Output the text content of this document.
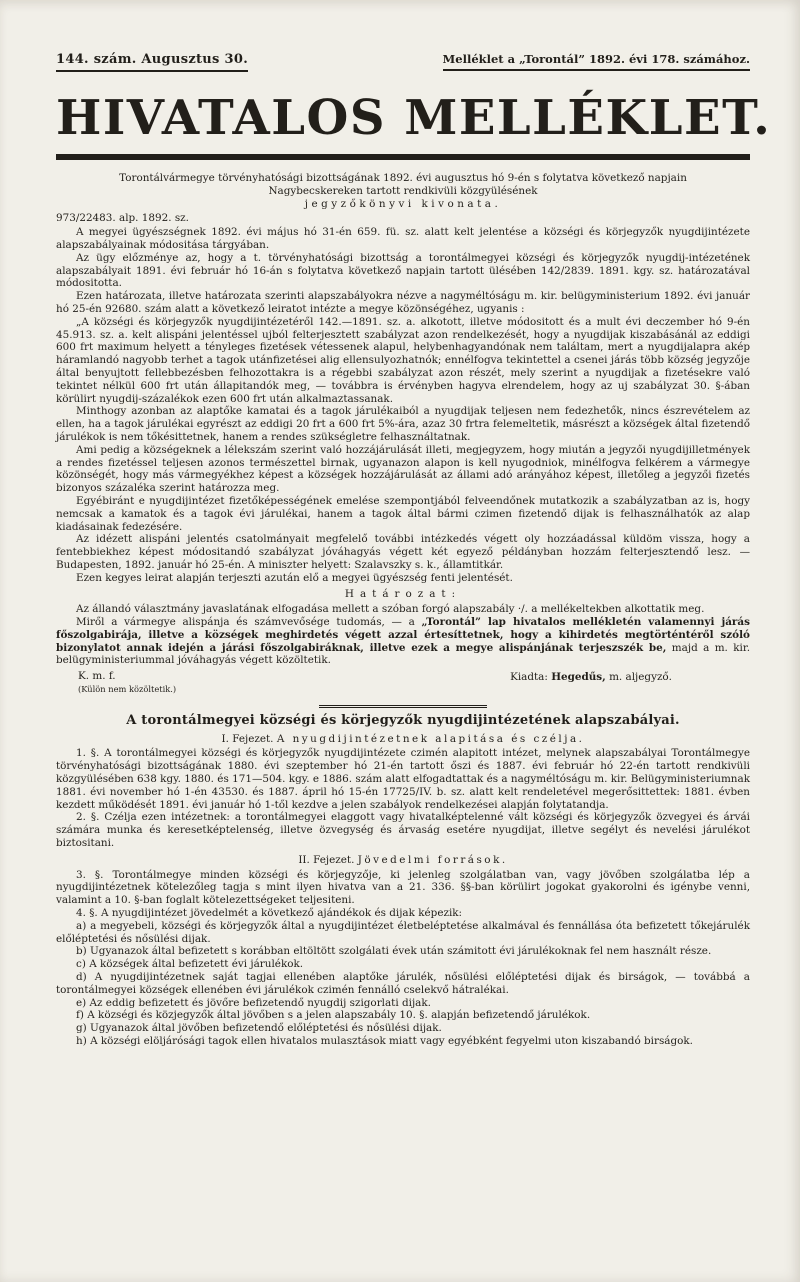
144. szám. Augusztus 30.	Melléklet a „Torontál” 1892. évi 178. számához.
HIVATALOS MELLÉKLET.

Torontálvármegye törvényhatósági bizottságának 1892. évi augusztus hó 9-én s folytatva következő napjain Nagybecskereken tartott rendkivüli közgyülésének

jegyzőkönyvi kivonata.

973/22483. alp. 1892. sz.

A megyei ügyészségnek 1892. évi május hó 31-én 659. fü. sz. alatt kelt jelentése a községi és körjegyzők nyugdijintézete alapszabályainak módositása tárgyában.

Az ügy előzménye az, hogy a t. törvényhatósági bizottság a torontálmegyei községi és körjegyzők nyugdij-intézetének alapszabályait 1891. évi február hó 16-án s folytatva következő napjain tartott ülésében 142/2839. 1891. kgy. sz. határozatával módositotta.

Ezen határozata, illetve határozata szerinti alapszabályokra nézve a nagyméltóságu m. kir. belügyministerium 1892. évi január hó 25-én 92680. szám alatt a következő leiratot intézte a megye közönségéhez, ugyanis :

„A községi és körjegyzők nyugdijintézetéről 142.—1891. sz. a. alkotott, illetve módositott és a mult évi deczember hó 9-én 45.913. sz. a. kelt alispáni jelentéssel ujból felterjesztett szabályzat azon rendelkezését, hogy a nyugdijak kiszabásánál az eddigi 600 frt maximum helyett a tényleges fizetések vétessenek alapul, helybenhagyandónak nem találtam, mert a nyugdijalapra akép háramlandó nagyobb terhet a tagok utánfizetései alig ellensulyozhatnók; ennélfogva tekintettel a csenei járás több község jegyzője által benyujtott fellebbezésben felhozottakra is a régebbi szabályzat azon részét, mely szerint a nyugdijak a fizetésekre való tekintet nélkül 600 frt után állapitandók meg, — továbbra is érvényben hagyva elrendelem, hogy az uj szabályzat 30. §-ában körülirt nyugdij-százalékok ezen 600 frt után alkalmaztassanak.

Minthogy azonban az alaptőke kamatai és a tagok járulékaiból a nyugdijak teljesen nem fedezhetők, nincs észrevételem az ellen, ha a tagok járulékai egyrészt az eddigi 20 frt a 600 frt 5%-ára, azaz 30 frtra felemeltetik, másrészt a községek által fizetendő járulékok is nem tőkésittetnek, hanem a rendes szükségletre felhasználtatnak.

Ami pedig a községeknek a lélekszám szerint való hozzájárulását illeti, megjegyzem, hogy miután a jegyzői nyugdijilletmények a rendes fizetéssel teljesen azonos természettel birnak, ugyanazon alapon is kell nyugodniok, minélfogva felkérem a vármegye közönségét, hogy más vármegyékhez képest a községek hozzájárulását az állami adó arányához képest, illetőleg a jegyzői fizetés bizonyos százaléka szerint határozza meg.

Egyébiránt e nyugdijintézet fizetőképességének emelése szempontjából felveendőnek mutatkozik a szabályzatban az is, hogy nemcsak a kamatok és a tagok évi járulékai, hanem a tagok által bármi czimen fizetendő dijak is felhasználhatók az alap kiadásainak fedezésére.

Az idézett alispáni jelentés csatolmányait megfelelő további intézkedés végett oly hozzáadással küldöm vissza, hogy a fentebbiekhez képest módositandó szabályzat jóváhagyás végett két egyező példányban hozzám felterjesztendő lesz. — Budapesten, 1892. január hó 25-én. A miniszter helyett: Szalavszky s. k., államtitkár.

Ezen kegyes leirat alapján terjeszti azután elő a megyei ügyészség fenti jelentését.

Határozat:

Az állandó választmány javaslatának elfogadása mellett a szóban forgó alapszabály ·/. a mellékeltekben alkottatik meg.

Miről a vármegye alispánja és számvevősége tudomás, — a „Torontál” lap hivatalos mellékletén valamennyi járás főszolgabirája, illetve a községek meghirdetés végett azzal értesíttetnek, hogy a kihirdetés megtörténtéről szóló bizonylatot annak idején a járási főszolgabiráknak, illetve ezek a megye alispánjának terjeszszék be, majd a m. kir. belügyministeriummal jóváhagyás végett közöltetik.

K. m. f.
(Külön nem közöltetik.)
Kiadta: Hegedűs, m. aljegyző.
A torontálmegyei községi és körjegyzők nyugdijintézetének alapszabályai.

I. Fejezet. A nyugdijintézetnek alapitása és czélja.

1. §. A torontálmegyei községi és körjegyzők nyugdijintézete czimén alapitott intézet, melynek alapszabályai Torontálmegye törvényhatósági bizottságának 1880. évi szeptember hó 21-én tartott őszi és 1887. évi február hó 22-én tartott rendkivüli közgyülésében 638 kgy. 1880. és 171—504. kgy. e 1886. szám alatt elfogadtattak és a nagyméltóságu m. kir. Belügyministeriumnak 1881. évi november hó 1-én 43530. és 1887. ápril hó 15-én 17725/IV. b. sz. alatt kelt rendeletével megerősittettek: 1881. évben kezdett működését 1891. évi január hó 1-től kezdve a jelen szabályok rendelkezései alapján folytatandja.

2. §. Czélja ezen intézetnek: a torontálmegyei elaggott vagy hivatalképtelenné vált községi és körjegyzők özvegyei és árvái számára munka és keresetképtelenség, illetve özvegység és árvaság esetére nyugdijat, illetve segélyt és nevelési járulékot biztositani.

II. Fejezet. Jövedelmi források.

3. §. Torontálmegye minden községi és körjegyzője, ki jelenleg szolgálatban van, vagy jövőben szolgálatba lép a nyugdijintézetnek kötelezőleg tagja s mint ilyen hivatva van a 21. 336. §§-ban körülirt jogokat gyakorolni és igénybe venni, valamint a 10. §-ban foglalt kötelezettségeket teljesiteni.

4. §. A nyugdijintézet jövedelmét a következő ajándékok és dijak képezik:

a) a megyebeli, községi és körjegyzők által a nyugdijintézet életbeléptetése alkalmával és fennállása óta befizetett tőkejárulék előléptetési és nősülési dijak.

b) Ugyanazok által befizetett s korábban eltöltött szolgálati évek után számitott évi járulékoknak fel nem használt része.

c) A községek által befizetett évi járulékok.

d) A nyugdijintézetnek saját tagjai ellenében alaptőke járulék, nősülési előléptetési dijak és birságok, — továbbá a torontálmegyei községek ellenében évi járulékok czimén fennálló cselekvő hátralékai.

e) Az eddig befizetett és jövőre befizetendő nyugdij szigorlati dijak.

f) A községi és közjegyzők által jövőben s a jelen alapszabály 10. §. alapján befizetendő járulékok.

g) Ugyanazok által jövőben befizetendő előléptetési és nősülési dijak.

h) A községi elöljárósági tagok ellen hivatalos mulasztások miatt vagy egyébként fegyelmi uton kiszabandó birságok.
